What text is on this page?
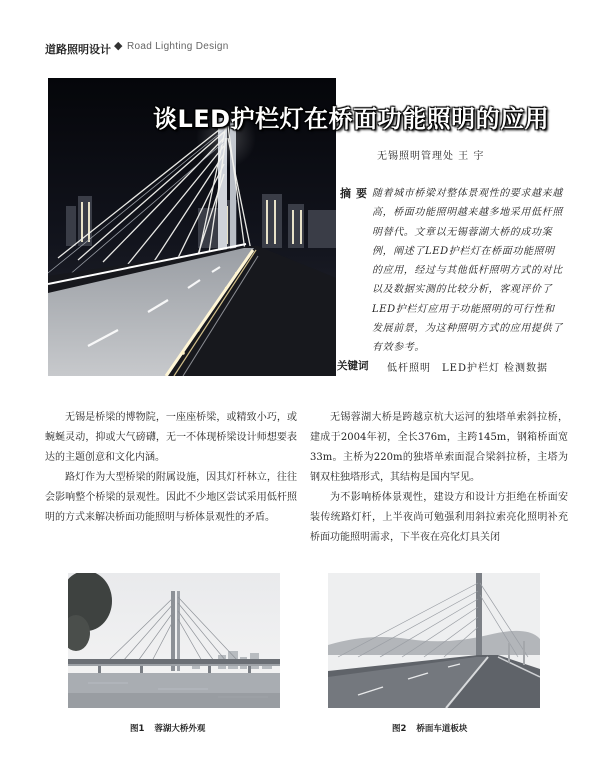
道路照明设计 ◆ Road Lighting Design
谈LED护栏灯在桥面功能照明的应用
无锡照明管理处 王 宇
摘要 随着城市桥梁对整体景观性的要求越来越高，桥面功能照明越来越多地采用低杆照明替代。文章以无锡蓉湖大桥的成功案例，阐述了LED护栏灯在桥面功能照明的应用，经过与其他低杆照明方式的对比以及数据实测的比较分析，客观评价了LED护栏灯应用于功能照明的可行性和发展前景，为这种照明方式的应用提供了有效参考。
关键词 低杆照明 LED护栏灯 检测数据

无锡是桥梁的博物院，一座座桥梁，或精致小巧，或蜿蜒灵动，抑或大气磅礴，无一不体现桥梁设计师想要表达的主题创意和文化内涵。

路灯作为大型桥梁的附属设施，因其灯杆林立，往往会影响整个桥梁的景观性。因此不少地区尝试采用低杆照明的方式来解决桥面功能照明与桥体景观性的矛盾。

无锡蓉湖大桥是跨越京杭大运河的独塔单索斜拉桥，建成于2004年初，全长376m，主跨145m，钢箱桥面宽33m。主桥为220m的独塔单索面混合梁斜拉桥，主塔为钢双柱独塔形式，其结构是国内罕见。

为不影响桥体景观性，建设方和设计方拒绝在桥面安装传统路灯杆，上半夜尚可勉强利用斜拉索亮化照明补充桥面功能照明需求，下半夜在亮化灯具关闭

图1 蓉湖大桥外观	图2 桥面车道板块
